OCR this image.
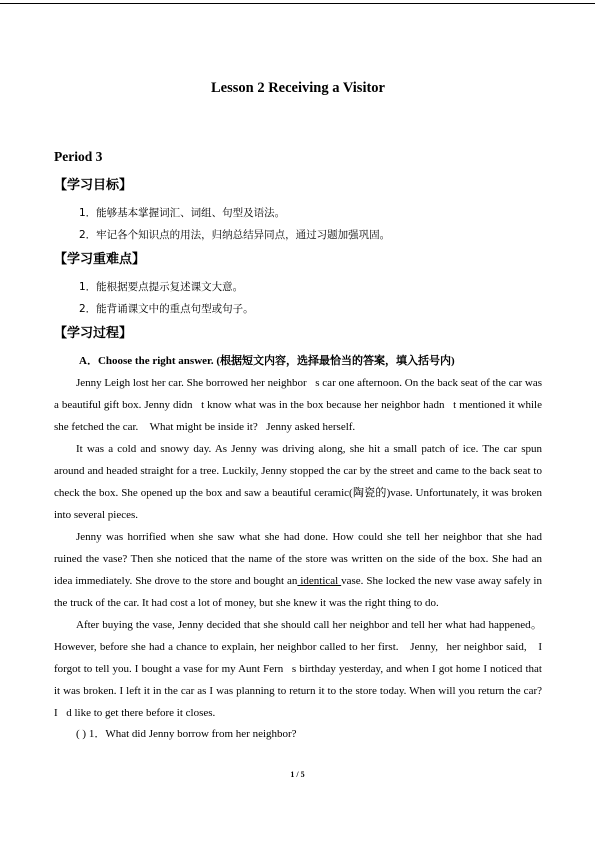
Lesson 2 Receiving a Visitor
Period 3
【学习目标】
1．能够基本掌握词汇、词组、句型及语法。
2．牢记各个知识点的用法，归纳总结异同点，通过习题加强巩固。
【学习重难点】
1．能根据要点提示复述课文大意。
2．能背诵课文中的重点句型或句子。
【学习过程】
A．Choose the right answer. (根据短文内容，选择最恰当的答案，填入括号内)

Jenny Leigh lost her car. She borrowed her neighbor s car one afternoon. On the back seat of the car was a beautiful gift box. Jenny didn t know what was in the box because her neighbor hadn t mentioned it while she fetched the car.  What might be inside it? Jenny asked herself.

It was a cold and snowy day. As Jenny was driving along, she hit a small patch of ice. The car spun around and headed straight for a tree. Luckily, Jenny stopped the car by the street and came to the back seat to check the box. She opened up the box and saw a beautiful ceramic(陶瓷的)vase. Unfortunately, it was broken into several pieces.

Jenny was horrified when she saw what she had done. How could she tell her neighbor that she had ruined the vase? Then she noticed that the name of the store was written on the side of the box. She had an idea immediately. She drove to the store and bought an identical vase. She locked the new vase away safely in the truck of the car. It had cost a lot of money, but she knew it was the right thing to do.

After buying the vase, Jenny decided that she should call her neighbor and tell her what had happened。However, before she had a chance to explain, her neighbor called to her first.  Jenny, her neighbor said,  I forgot to tell you. I bought a vase for my Aunt Fern s birthday yesterday, and when I got home I noticed that it was broken. I left it in the car as I was planning to return it to the store today. When will you return the car? I d like to get there before it closes. 

( ) 1．What did Jenny borrow from her neighbor?
1 / 5
